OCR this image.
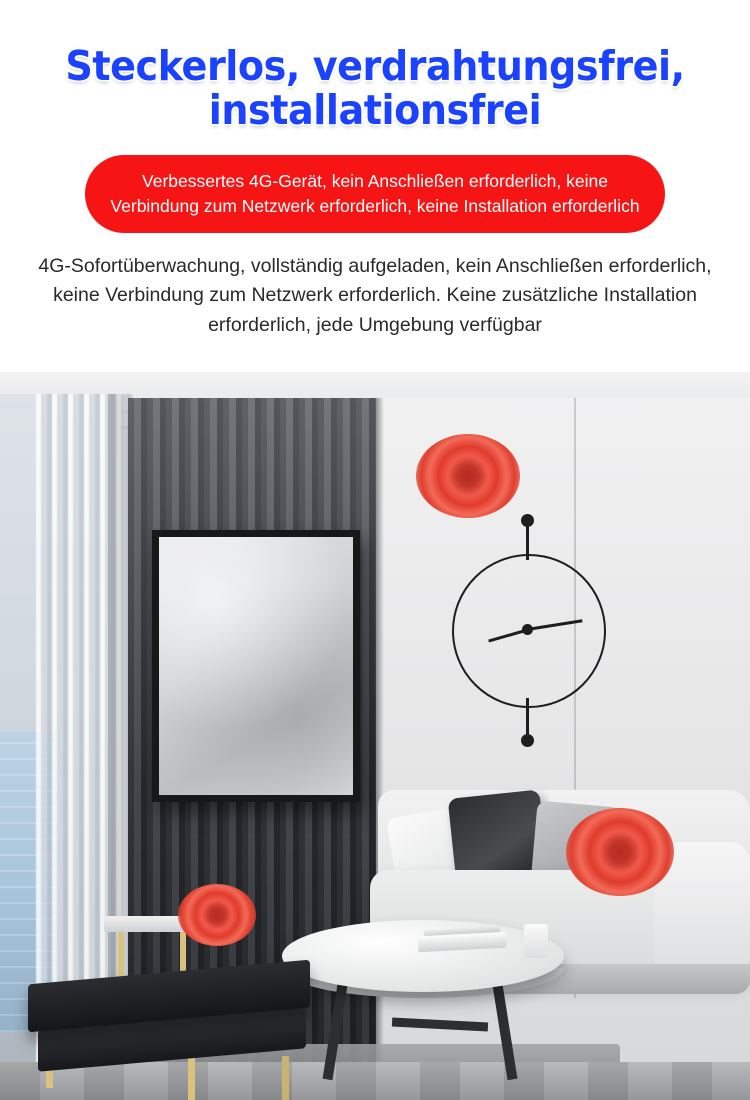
Steckerlos, verdrahtungsfrei, installationsfrei

Verbessertes 4G-Gerät, kein Anschließen erforderlich, keine Verbindung zum Netzwerk erforderlich, keine Installation erforderlich

4G-Sofortüberwachung, vollständig aufgeladen, kein Anschließen erforderlich, keine Verbindung zum Netzwerk erforderlich. Keine zusätzliche Installation erforderlich, jede Umgebung verfügbar
